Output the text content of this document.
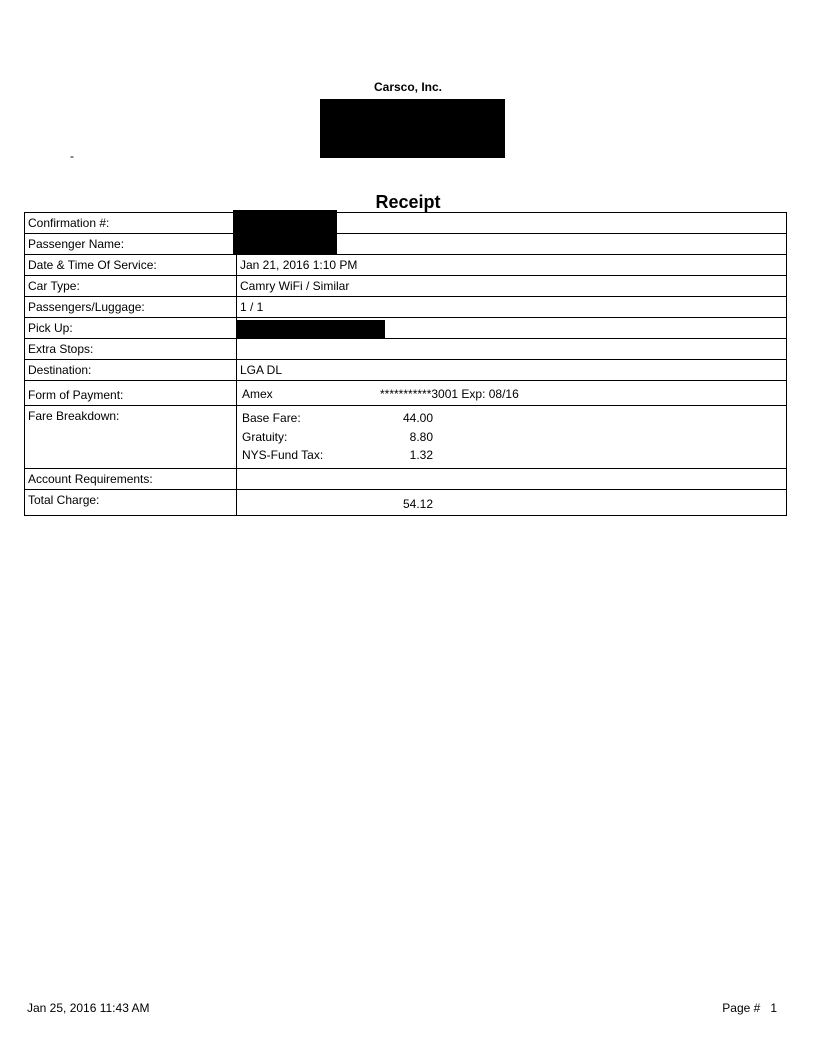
Carsco, Inc.
-
Receipt
Confirmation #:
Passenger Name:
Date & Time Of Service:	Jan 21, 2016 1:10 PM
Car Type:	Camry WiFi / Similar
Passengers/Luggage:	1 / 1
Pick Up:
Extra Stops:
Destination:	LGA DL
Form of Payment:	Amex	***********3001 Exp: 08/16
Fare Breakdown:	Base Fare:	44.00
Gratuity:	8.80
NYS-Fund Tax:	1.32
Account Requirements:
Total Charge:	54.12
Jan 25, 2016 11:43 AM	Page # 1
